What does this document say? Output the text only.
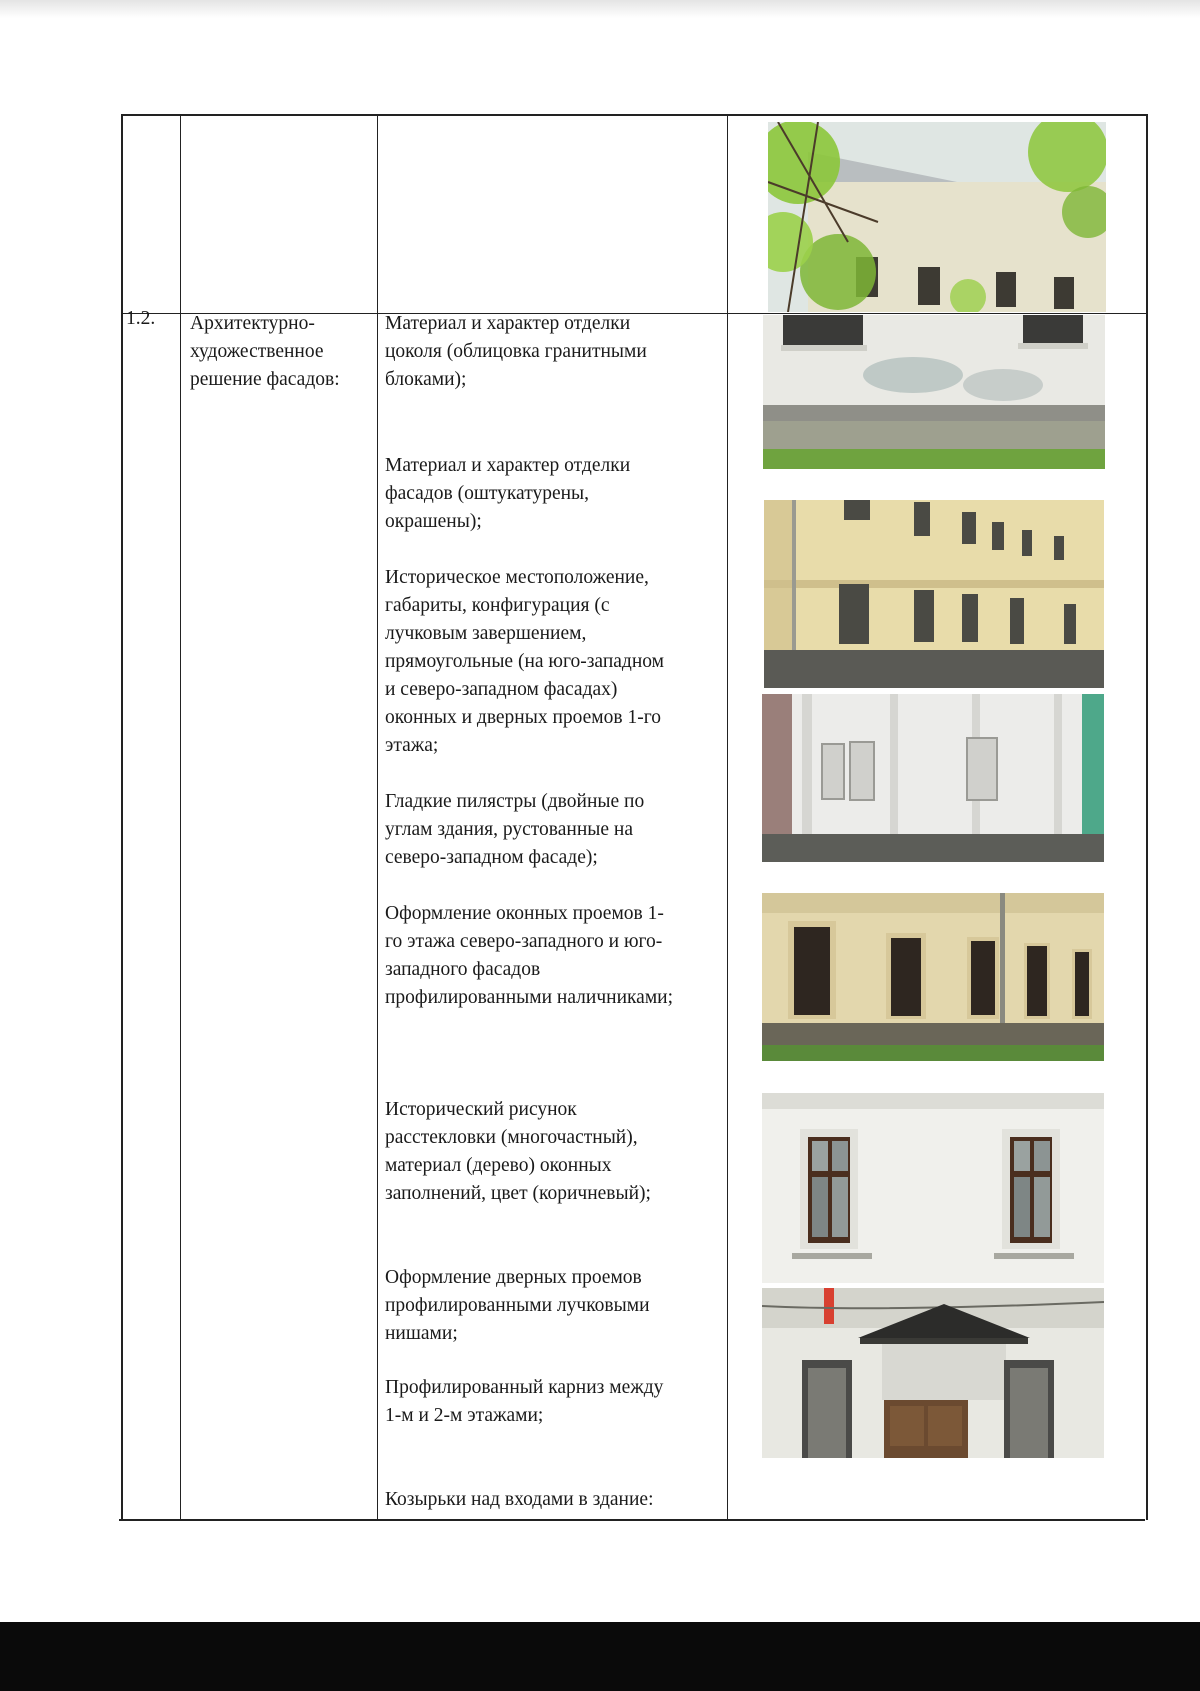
1.2. Архитектурно-
художественное
решение фасадов:
Материал и характер отделки
цоколя (облицовка гранитными
блоками);
Материал и характер отделки
фасадов (оштукатурены,
окрашены);
Историческое местоположение,
габариты, конфигурация (с
лучковым завершением,
прямоугольные (на юго-западном
и северо-западном фасадах)
оконных и дверных проемов 1-го
этажа;
Гладкие пилястры (двойные по
углам здания, рустованные на
северо-западном фасаде);
Оформление оконных проемов 1-
го этажа северо-западного и юго-
западного фасадов
профилированными наличниками;
Исторический рисунок
расстекловки (многочастный),
материал (дерево) оконных
заполнений, цвет (коричневый);
Оформление дверных проемов
профилированными лучковыми
нишами;
Профилированный карниз между
1-м и 2-м этажами;
Козырьки над входами в здание:
